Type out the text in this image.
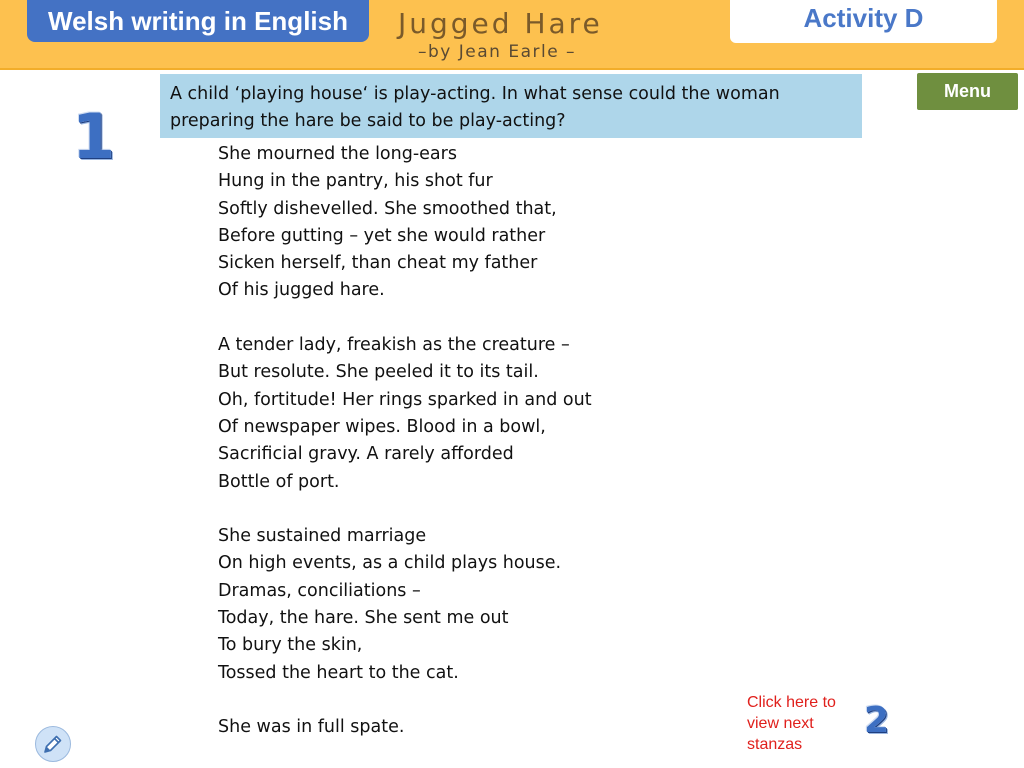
Welsh writing in English	Jugged Hare
–by Jean Earle –
Activity D
Menu
1
A child ‘playing house‘ is play-acting. In what sense could the woman
preparing the hare be said to be play-acting?
She mourned the long-ears
Hung in the pantry, his shot fur
Softly dishevelled. She smoothed that,
Before gutting – yet she would rather
Sicken herself, than cheat my father
Of his jugged hare.
A tender lady, freakish as the creature –
But resolute. She peeled it to its tail.
Oh, fortitude! Her rings sparked in and out
Of newspaper wipes. Blood in a bowl,
Sacrificial gravy. A rarely afforded
Bottle of port.
She sustained marriage
On high events, as a child plays house.
Dramas, conciliations –
Today, the hare. She sent me out
To bury the skin,
Tossed the heart to the cat.
She was in full spate.
Click here to
view next
stanzas
2
